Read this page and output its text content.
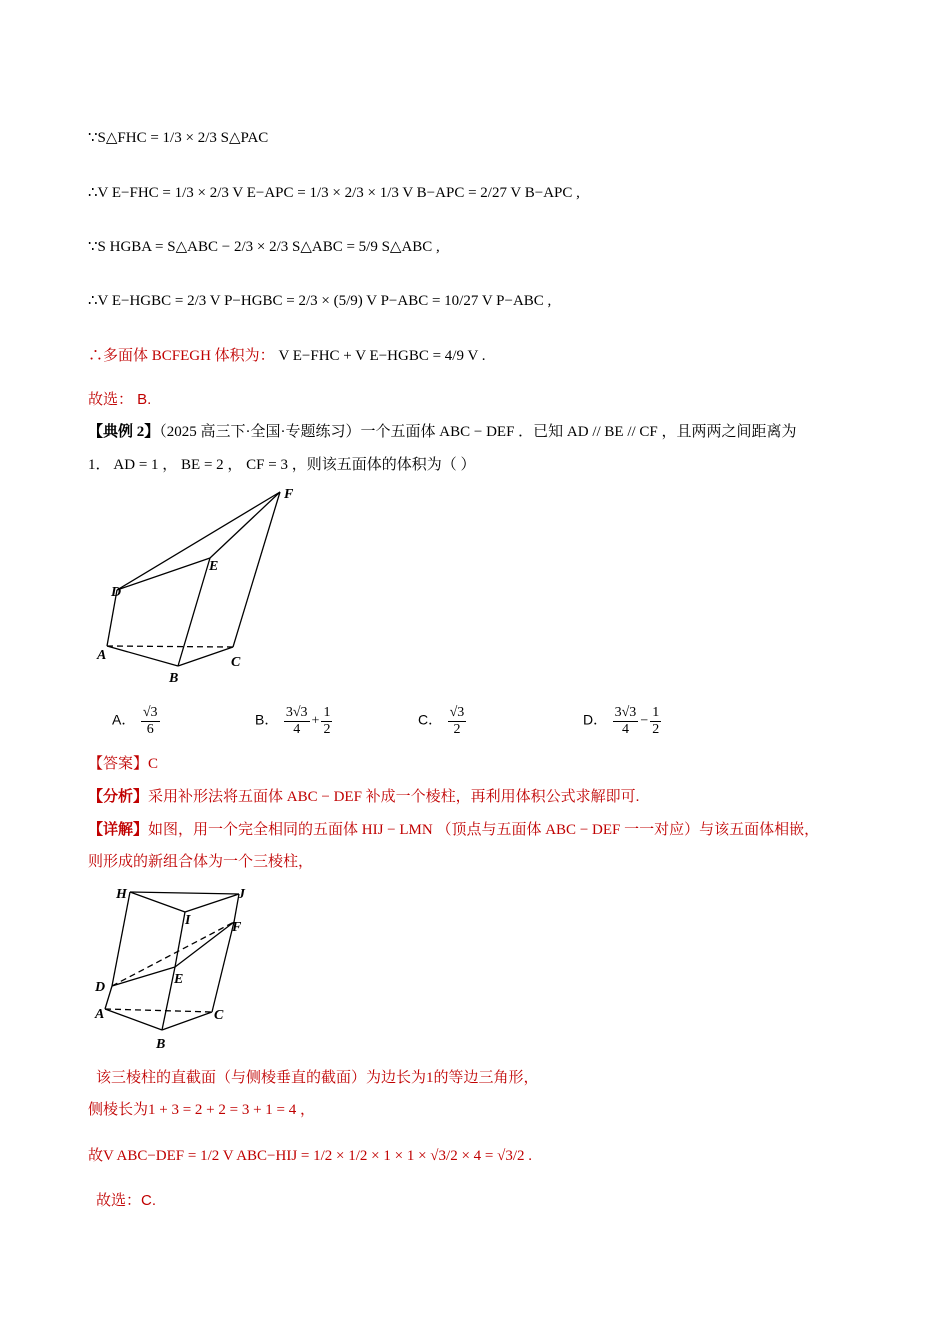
∵S△FHC = 1/3 × 2/3 S△PAC
∴V E−FHC = 1/3 × 2/3 V E−APC = 1/3 × 2/3 × 1/3 V B−APC = 2/27 V B−APC ,
∵S HGBA = S△ABC − 2/3 × 2/3 S△ABC = 5/9 S△ABC ,
∴V E−HGBC = 2/3 V P−HGBC = 2/3 × (5/9) V P−ABC = 10/27 V P−ABC ,
∴多面体 BCFEGH 体积为： V E−FHC + V E−HGBC = 4/9 V .
故选： B.
【典例 2】（2025 高三下·全国·专题练习）一个五面体 ABC − DEF ．已知 AD // BE // CF ，且两两之间距离为
1． AD = 1 ， BE = 2 ， CF = 3 ，则该五面体的体积为（ ）
F
E
D
A
B
C
A． $\frac{√3}{6}$	B． $\frac{3√3}{4} + \frac{1}{2}$	C． $\frac{√3}{2}$	D． $\frac{3√3}{4} - \frac{1}{2}$
【答案】C
【分析】采用补形法将五面体 ABC − DEF 补成一个棱柱，再利用体积公式求解即可.
【详解】如图，用一个完全相同的五面体 HIJ − LMN （顶点与五面体 ABC − DEF 一一对应）与该五面体相嵌，
则形成的新组合体为一个三棱柱，
H	J
I	F
D
E
A	C
B
该三棱柱的直截面（与侧棱垂直的截面）为边长为1的等边三角形，
侧棱长为1 + 3 = 2 + 2 = 3 + 1 = 4 ，
故V ABC−DEF = 1/2 V ABC−HIJ = 1/2 × 1/2 × 1 × 1 × √3/2 × 4 = √3/2 .
故选：C.
